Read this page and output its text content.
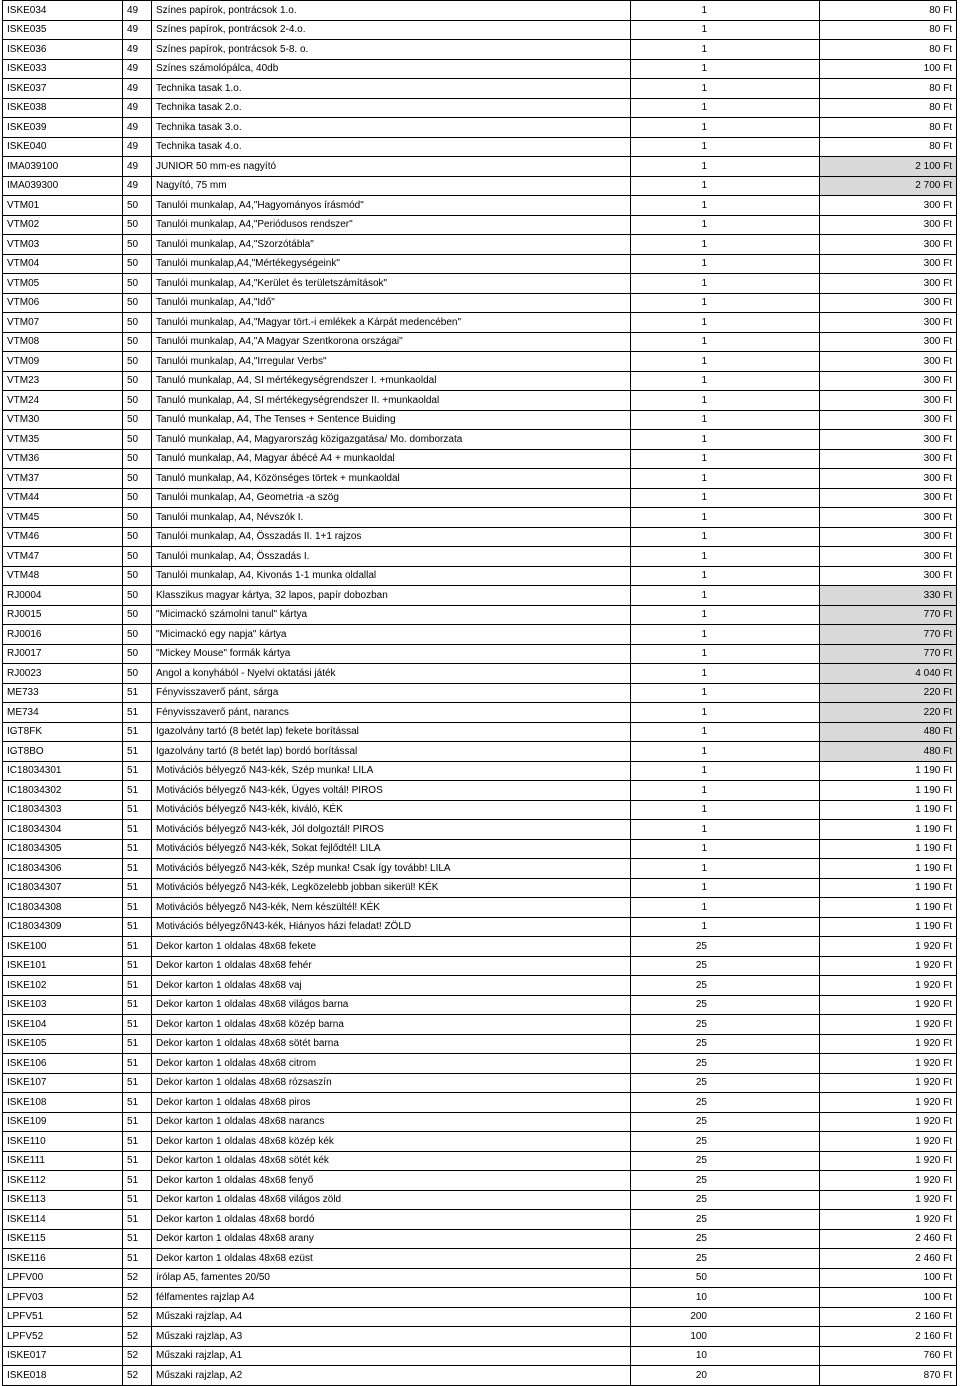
ISKE034	49	Színes papírok, pontrácsok 1.o.	1	80 Ft
ISKE035	49	Színes papírok, pontrácsok 2-4.o.	1	80 Ft
ISKE036	49	Színes papírok, pontrácsok 5-8. o.	1	80 Ft
ISKE033	49	Színes számolópálca, 40db	1	100 Ft
ISKE037	49	Technika tasak 1.o.	1	80 Ft
ISKE038	49	Technika tasak 2.o.	1	80 Ft
ISKE039	49	Technika tasak 3.o.	1	80 Ft
ISKE040	49	Technika tasak 4.o.	1	80 Ft
IMA039100	49	JUNIOR 50 mm-es nagyító	1	2 100 Ft
IMA039300	49	Nagyító, 75 mm	1	2 700 Ft
VTM01	50	Tanulói munkalap, A4,"Hagyományos írásmód"	1	300 Ft
VTM02	50	Tanulói munkalap, A4,"Periódusos rendszer"	1	300 Ft
VTM03	50	Tanulói munkalap, A4,"Szorzótábla"	1	300 Ft
VTM04	50	Tanulói munkalap,A4,"Mértékegységeink"	1	300 Ft
VTM05	50	Tanulói munkalap, A4,"Kerület és területszámítások"	1	300 Ft
VTM06	50	Tanulói munkalap, A4,"Idő"	1	300 Ft
VTM07	50	Tanulói munkalap, A4,"Magyar tört.-i emlékek a Kárpát medencében"	1	300 Ft
VTM08	50	Tanulói munkalap, A4,"A Magyar Szentkorona országai"	1	300 Ft
VTM09	50	Tanulói munkalap, A4,"Irregular Verbs"	1	300 Ft
VTM23	50	Tanuló munkalap, A4, SI mértékegységrendszer I. +munkaoldal	1	300 Ft
VTM24	50	Tanuló munkalap, A4, SI mértékegységrendszer II. +munkaoldal	1	300 Ft
VTM30	50	Tanuló munkalap, A4, The Tenses + Sentence Buiding	1	300 Ft
VTM35	50	Tanuló munkalap, A4, Magyarország közigazgatása/ Mo. domborzata	1	300 Ft
VTM36	50	Tanuló munkalap, A4, Magyar ábécé A4 + munkaoldal	1	300 Ft
VTM37	50	Tanuló munkalap, A4, Közönséges törtek + munkaoldal	1	300 Ft
VTM44	50	Tanulói munkalap, A4, Geometria -a szög	1	300 Ft
VTM45	50	Tanulói munkalap, A4, Névszók I.	1	300 Ft
VTM46	50	Tanulói munkalap, A4, Összadás II. 1+1 rajzos	1	300 Ft
VTM47	50	Tanulói munkalap, A4, Összadás I.	1	300 Ft
VTM48	50	Tanulói munkalap, A4, Kivonás 1-1 munka oldallal	1	300 Ft
RJ0004	50	Klasszikus magyar kártya, 32 lapos, papír dobozban	1	330 Ft
RJ0015	50	"Micimackó számolni tanul" kártya	1	770 Ft
RJ0016	50	"Micimackó egy napja" kártya	1	770 Ft
RJ0017	50	"Mickey Mouse" formák kártya	1	770 Ft
RJ0023	50	Angol a konyhából - Nyelvi oktatási játék	1	4 040 Ft
ME733	51	Fényvisszaverő pánt, sárga	1	220 Ft
ME734	51	Fényvisszaverő pánt, narancs	1	220 Ft
IGT8FK	51	Igazolvány tartó (8 betét lap) fekete borítással	1	480 Ft
IGT8BO	51	Igazolvány tartó (8 betét lap) bordó borítással	1	480 Ft
IC18034301	51	Motivációs bélyegző N43-kék, Szép munka! LILA	1	1 190 Ft
IC18034302	51	Motivációs bélyegző N43-kék, Ügyes voltál! PIROS	1	1 190 Ft
IC18034303	51	Motivációs bélyegző N43-kék, kiváló, KÉK	1	1 190 Ft
IC18034304	51	Motivációs bélyegző N43-kék, Jól dolgoztál! PIROS	1	1 190 Ft
IC18034305	51	Motivációs bélyegző N43-kék, Sokat fejlődtél! LILA	1	1 190 Ft
IC18034306	51	Motivációs bélyegző N43-kék, Szép munka! Csak így tovább! LILA	1	1 190 Ft
IC18034307	51	Motivációs bélyegző N43-kék, Legközelebb jobban sikerül! KÉK	1	1 190 Ft
IC18034308	51	Motivációs bélyegző N43-kék, Nem készültél! KÉK	1	1 190 Ft
IC18034309	51	Motivációs bélyegzőN43-kék, Hiányos házi feladat! ZÖLD	1	1 190 Ft
ISKE100	51	Dekor karton 1 oldalas 48x68 fekete	25	1 920 Ft
ISKE101	51	Dekor karton 1 oldalas 48x68 fehér	25	1 920 Ft
ISKE102	51	Dekor karton 1 oldalas 48x68 vaj	25	1 920 Ft
ISKE103	51	Dekor karton 1 oldalas 48x68 világos barna	25	1 920 Ft
ISKE104	51	Dekor karton 1 oldalas 48x68 közép barna	25	1 920 Ft
ISKE105	51	Dekor karton 1 oldalas 48x68 sötét barna	25	1 920 Ft
ISKE106	51	Dekor karton 1 oldalas 48x68 citrom	25	1 920 Ft
ISKE107	51	Dekor karton 1 oldalas 48x68 rózsaszín	25	1 920 Ft
ISKE108	51	Dekor karton 1 oldalas 48x68 piros	25	1 920 Ft
ISKE109	51	Dekor karton 1 oldalas 48x68 narancs	25	1 920 Ft
ISKE110	51	Dekor karton 1 oldalas 48x68 közép kék	25	1 920 Ft
ISKE111	51	Dekor karton 1 oldalas 48x68 sötét kék	25	1 920 Ft
ISKE112	51	Dekor karton 1 oldalas 48x68 fenyő	25	1 920 Ft
ISKE113	51	Dekor karton 1 oldalas 48x68 világos zöld	25	1 920 Ft
ISKE114	51	Dekor karton 1 oldalas 48x68 bordó	25	1 920 Ft
ISKE115	51	Dekor karton 1 oldalas 48x68 arany	25	2 460 Ft
ISKE116	51	Dekor karton 1 oldalas 48x68 ezüst	25	2 460 Ft
LPFV00	52	írólap A5, famentes 20/50	50	100 Ft
LPFV03	52	félfamentes rajzlap A4	10	100 Ft
LPFV51	52	Műszaki rajzlap, A4	200	2 160 Ft
LPFV52	52	Műszaki rajzlap, A3	100	2 160 Ft
ISKE017	52	Műszaki rajzlap, A1	10	760 Ft
ISKE018	52	Műszaki rajzlap, A2	20	870 Ft
